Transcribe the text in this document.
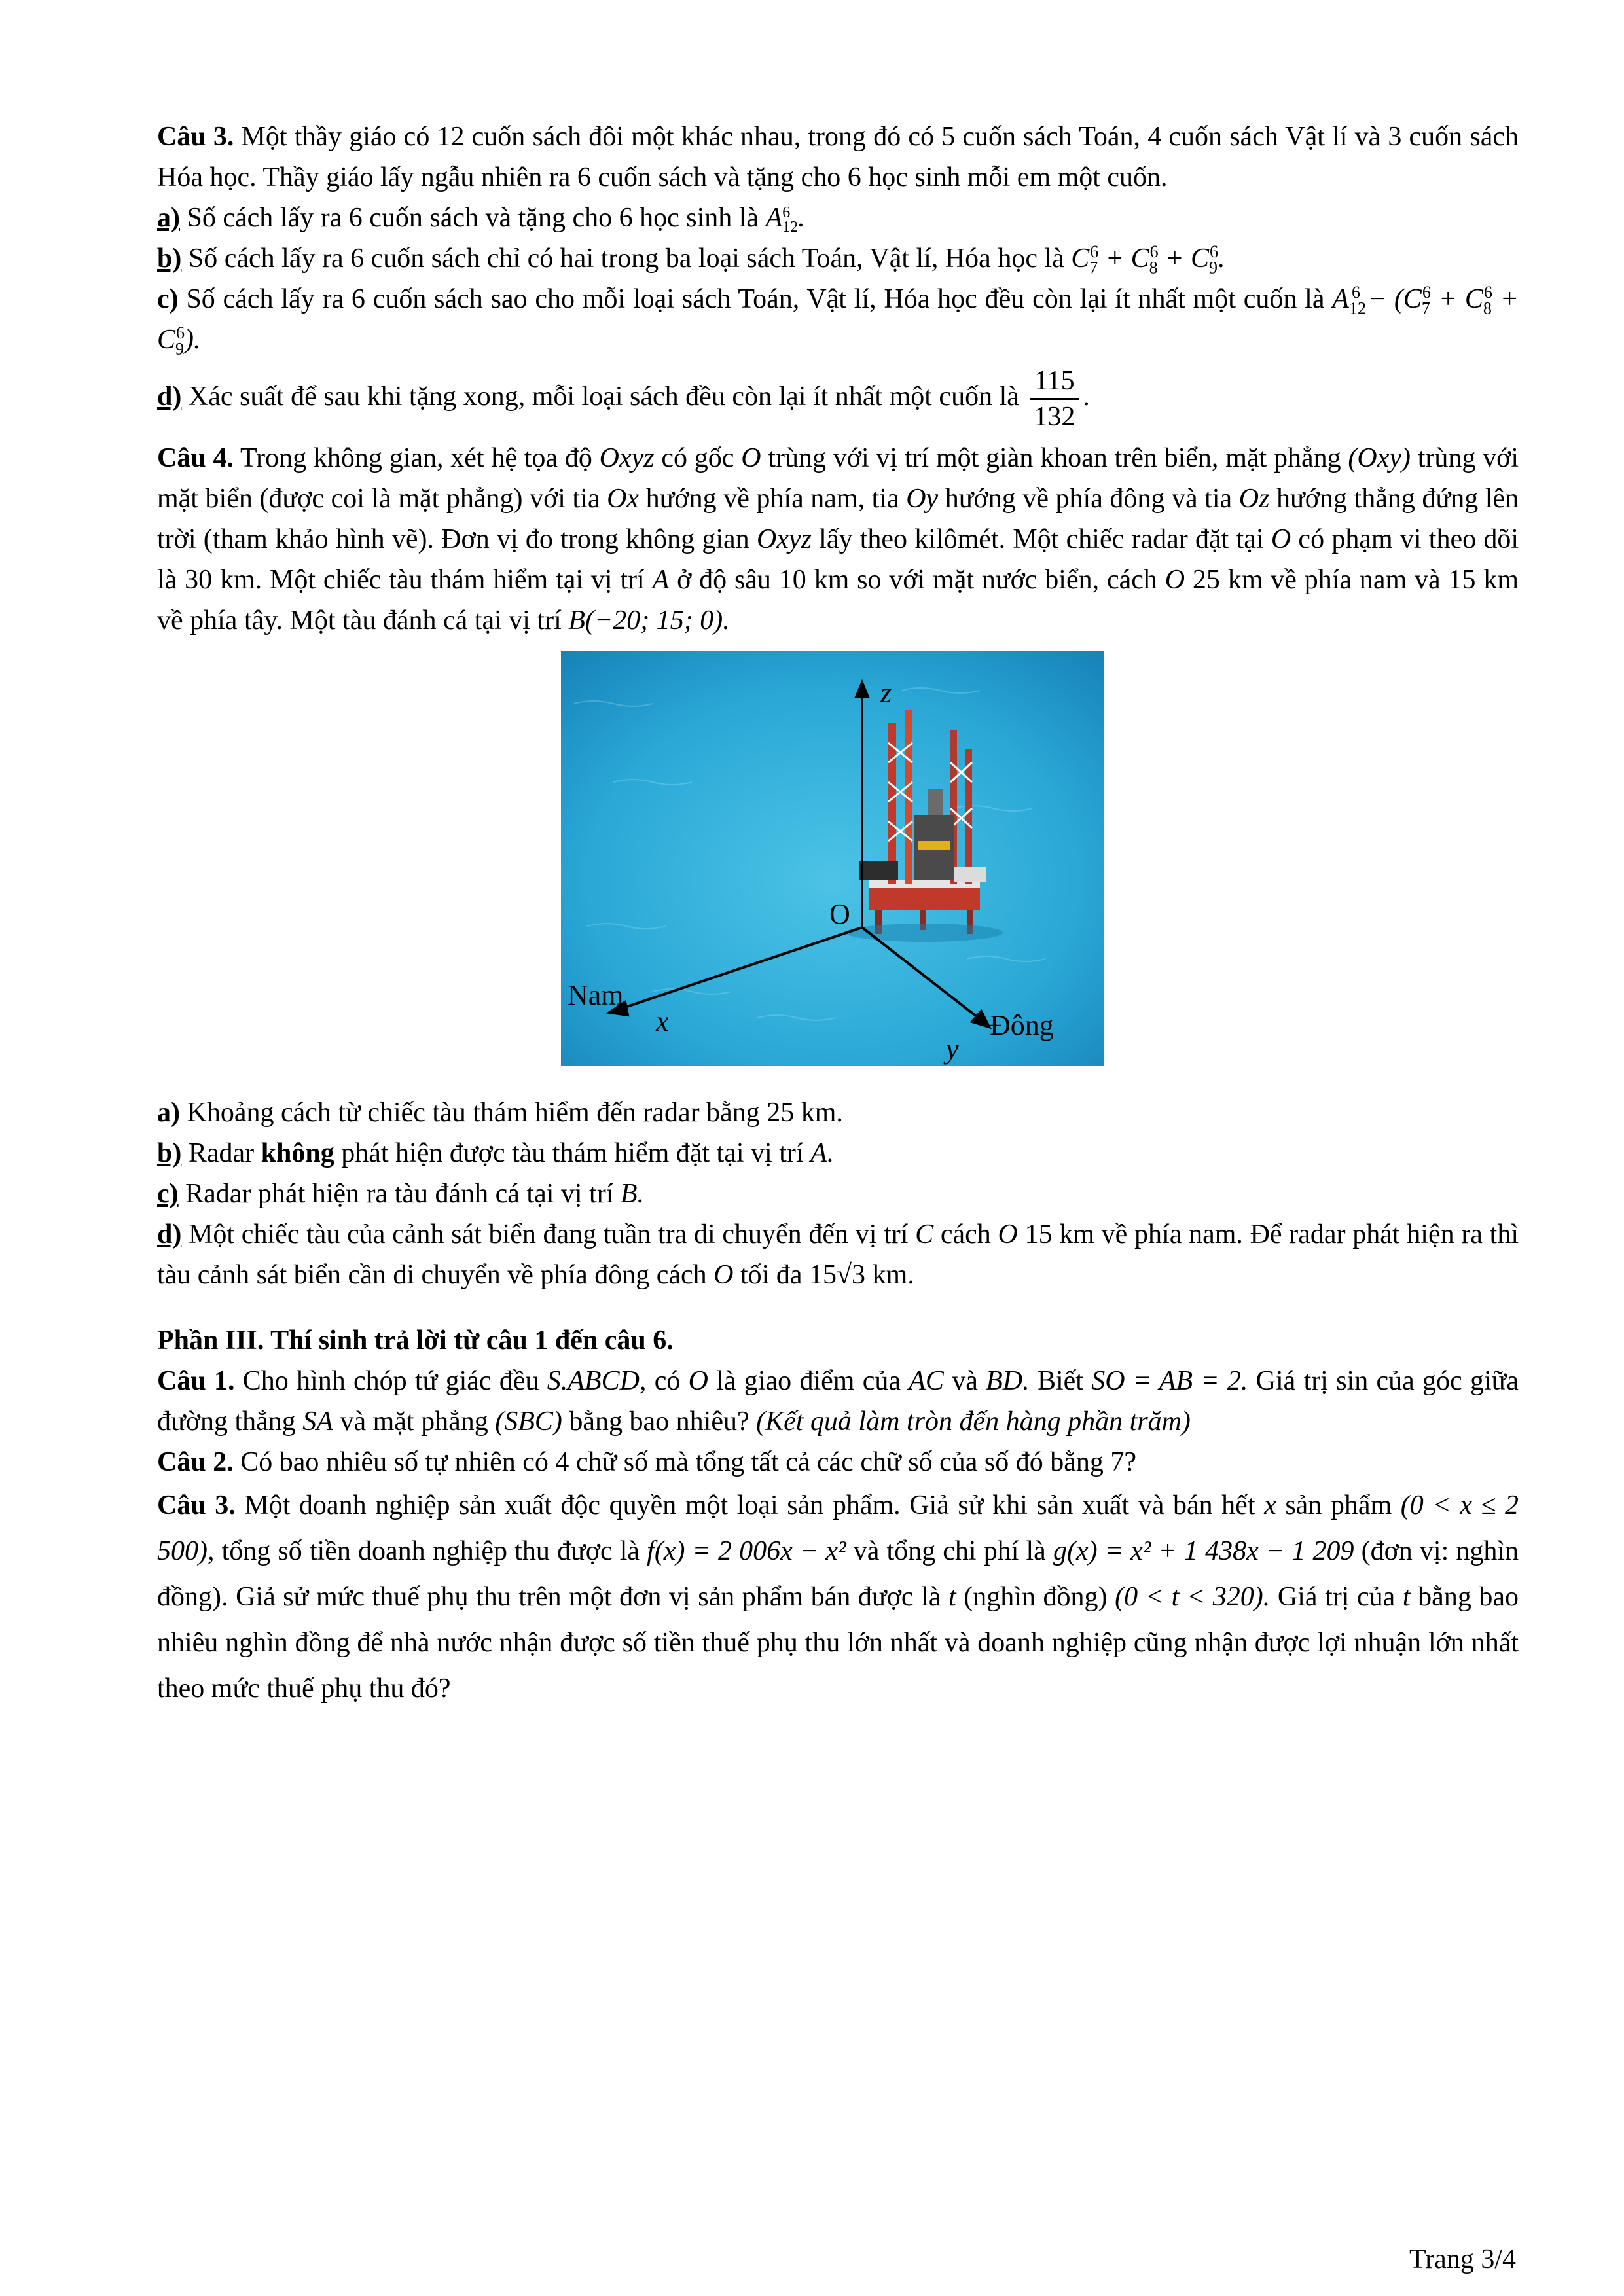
Câu 3. Một thầy giáo có 12 cuốn sách đôi một khác nhau, trong đó có 5 cuốn sách Toán, 4 cuốn sách Vật lí và 3 cuốn sách Hóa học. Thầy giáo lấy ngẫu nhiên ra 6 cuốn sách và tặng cho 6 học sinh mỗi em một cuốn.

a) Số cách lấy ra 6 cuốn sách và tặng cho 6 học sinh là A 6
12 .

b) Số cách lấy ra 6 cuốn sách chỉ có hai trong ba loại sách Toán, Vật lí, Hóa học là $C_7^6 + C_8^6 + C_9^6$.

c) Số cách lấy ra 6 cuốn sách sao cho mỗi loại sách Toán, Vật lí, Hóa học đều còn lại ít nhất một cuốn là $A_{12}^6 - (C_7^6 + C_8^6 + C_9^6)$.

d) Xác suất để sau khi tặng xong, mỗi loại sách đều còn lại ít nhất một cuốn là $\frac{115}{132}$ .

Câu 4. Trong không gian, xét hệ tọa độ Oxyz có gốc O trùng với vị trí một giàn khoan trên biển, mặt phẳng (Oxy) trùng với mặt biển (được coi là mặt phẳng) với tia Ox hướng về phía nam, tia Oy hướng về phía đông và tia Oz hướng thẳng đứng lên trời (tham khảo hình vẽ). Đơn vị đo trong không gian Oxyz lấy theo kilômét. Một chiếc radar đặt tại O có phạm vi theo dõi là 30 km. Một chiếc tàu thám hiểm tại vị trí A ở độ sâu 10 km so với mặt nước biển, cách O 25 km về phía nam và 15 km về phía tây. Một tàu đánh cá tại vị trí B(−20; 15; 0).

z
O
Nam
x	Đông
y

a) Khoảng cách từ chiếc tàu thám hiểm đến radar bằng 25 km.

b) Radar không phát hiện được tàu thám hiểm đặt tại vị trí A.

c) Radar phát hiện ra tàu đánh cá tại vị trí B.

d) Một chiếc tàu của cảnh sát biển đang tuần tra di chuyển đến vị trí C cách O 15 km về phía nam. Để radar phát hiện ra thì tàu cảnh sát biển cần di chuyển về phía đông cách O tối đa 15√3 km.

Phần III. Thí sinh trả lời từ câu 1 đến câu 6.

Câu 1. Cho hình chóp tứ giác đều S.ABCD, có O là giao điểm của AC và BD. Biết SO = AB = 2. Giá trị sin của góc giữa đường thẳng SA và mặt phẳng (SBC) bằng bao nhiêu? (Kết quả làm tròn đến hàng phần trăm)

Câu 2. Có bao nhiêu số tự nhiên có 4 chữ số mà tổng tất cả các chữ số của số đó bằng 7?

Câu 3. Một doanh nghiệp sản xuất độc quyền một loại sản phẩm. Giả sử khi sản xuất và bán hết x sản phẩm (0 < x ≤ 2 500), tổng số tiền doanh nghiệp thu được là f(x) = 2 006x − x² và tổng chi phí là g(x) = x² + 1 438x − 1 209 (đơn vị: nghìn đồng). Giả sử mức thuế phụ thu trên một đơn vị sản phẩm bán được là t (nghìn đồng) (0 < t < 320). Giá trị của t bằng bao nhiêu nghìn đồng để nhà nước nhận được số tiền thuế phụ thu lớn nhất và doanh nghiệp cũng nhận được lợi nhuận lớn nhất theo mức thuế phụ thu đó?

Trang 3/4
